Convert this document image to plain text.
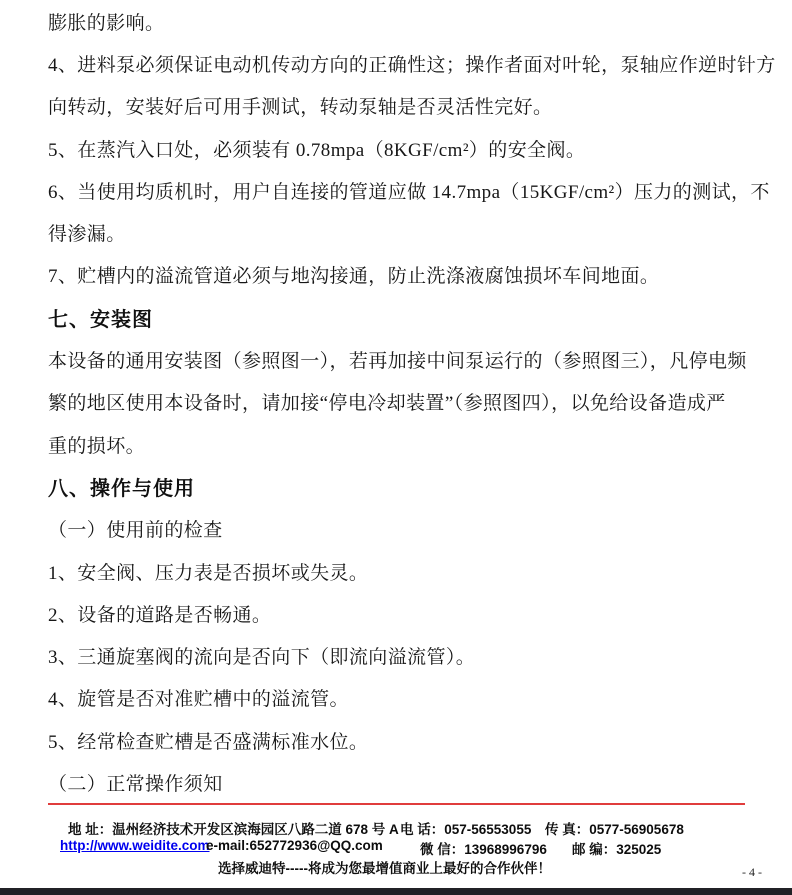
膨胀的影响。
4、进料泵必须保证电动机传动方向的正确性这；操作者面对叶轮，泵轴应作逆时针方
向转动，安装好后可用手测试，转动泵轴是否灵活性完好。
5、在蒸汽入口处，必须装有 0.78mpa（8KGF/cm²）的安全阀。
6、当使用均质机时，用户自连接的管道应做 14.7mpa（15KGF/cm²）压力的测试，不
得渗漏。
7、贮槽内的溢流管道必须与地沟接通，防止洗涤液腐蚀损坏车间地面。
七、安装图
本设备的通用安装图（参照图一），若再加接中间泵运行的（参照图三），凡停电频
繁的地区使用本设备时，请加接“停电冷却装置”（参照图四），以免给设备造成严
重的损坏。
八、操作与使用
（一）使用前的检查
1、安全阀、压力表是否损坏或失灵。
2、设备的道路是否畅通。
3、三通旋塞阀的流向是否向下（即流向溢流管）。
4、旋管是否对准贮槽中的溢流管。
5、经常检查贮槽是否盛满标准水位。
（二）正常操作须知
地 址：温州经济技术开发区滨海园区八路二道 678 号 A 电 话：057-56553055 传 真：0577-56905678
http://www.weidite.com
e-mail:652772936@QQ.com	微 信：13968996796 邮 编：325025
选择威迪特-----将成为您最增值商业上最好的合作伙伴！	- 4 -
